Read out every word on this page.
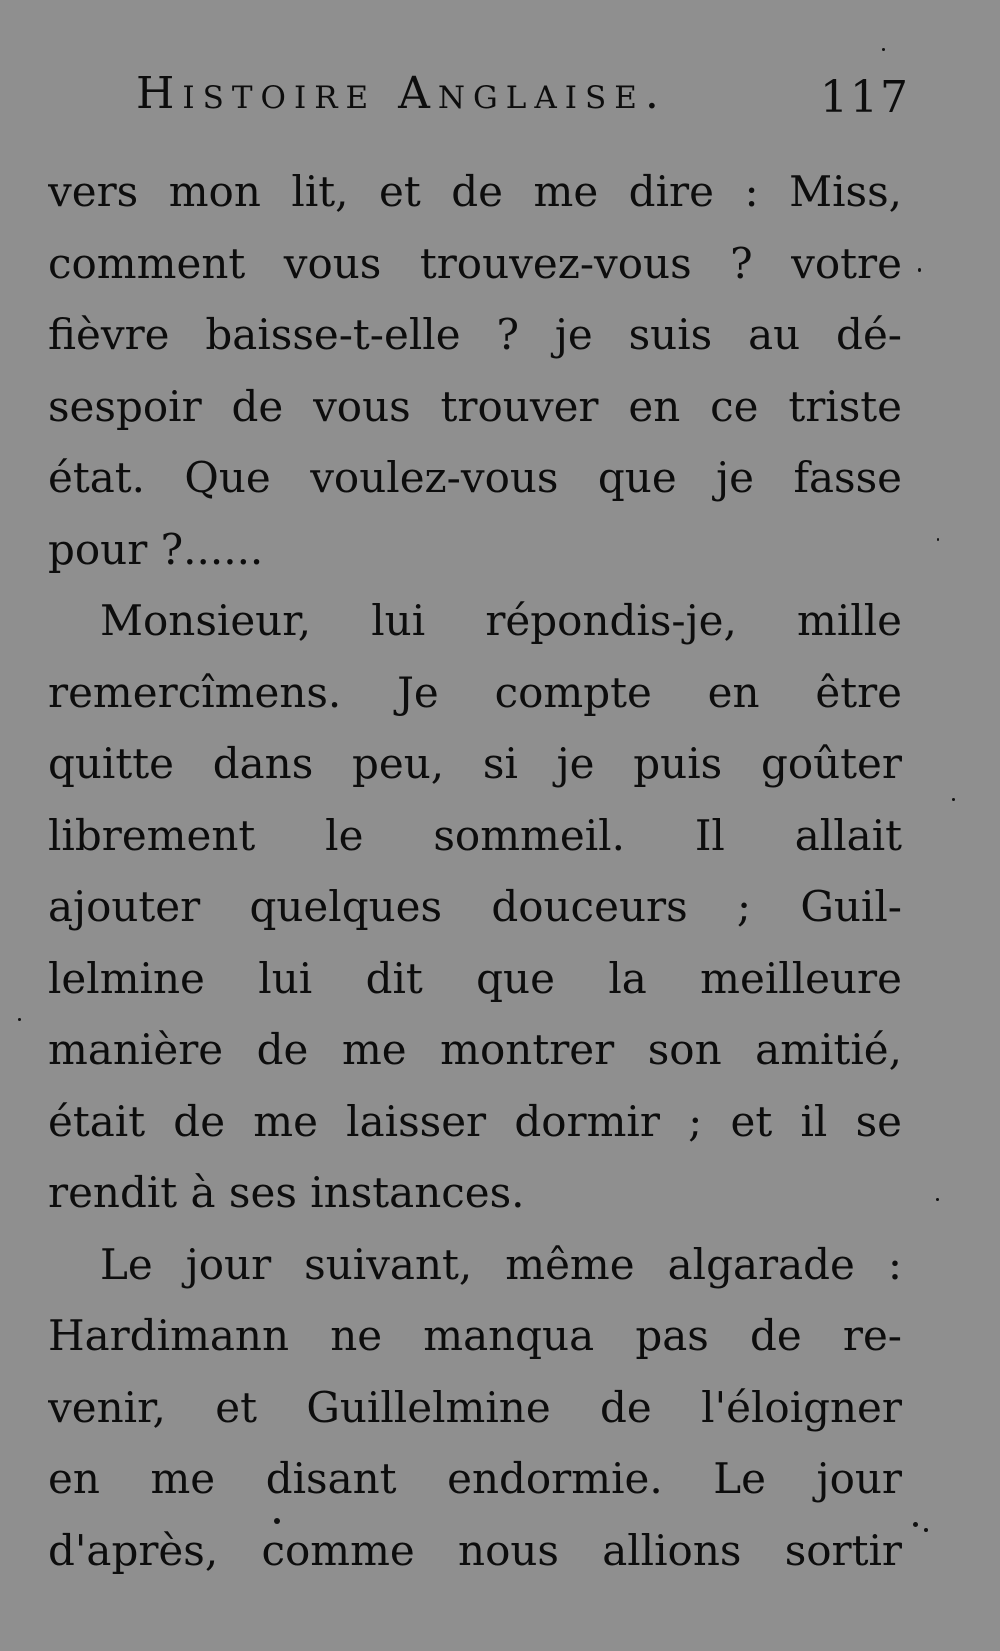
Histoire Anglaise.	117
vers mon lit, et de me dire : Miss,
comment vous trouvez-vous ? votre
fièvre baisse-t-elle ? je suis au dé-
sespoir de vous trouver en ce triste
état. Que voulez-vous que je fasse
pour ?......
Monsieur, lui répondis-je, mille
remercîmens. Je compte en être
quitte dans peu, si je puis goûter
librement le sommeil. Il allait
ajouter quelques douceurs ; Guil-
lelmine lui dit que la meilleure
manière de me montrer son amitié,
était de me laisser dormir ; et il se
rendit à ses instances.
Le jour suivant, même algarade :
Hardimann ne manqua pas de re-
venir, et Guillelmine de l'éloigner
en me disant endormie. Le jour
d'après, comme nous allions sortir
